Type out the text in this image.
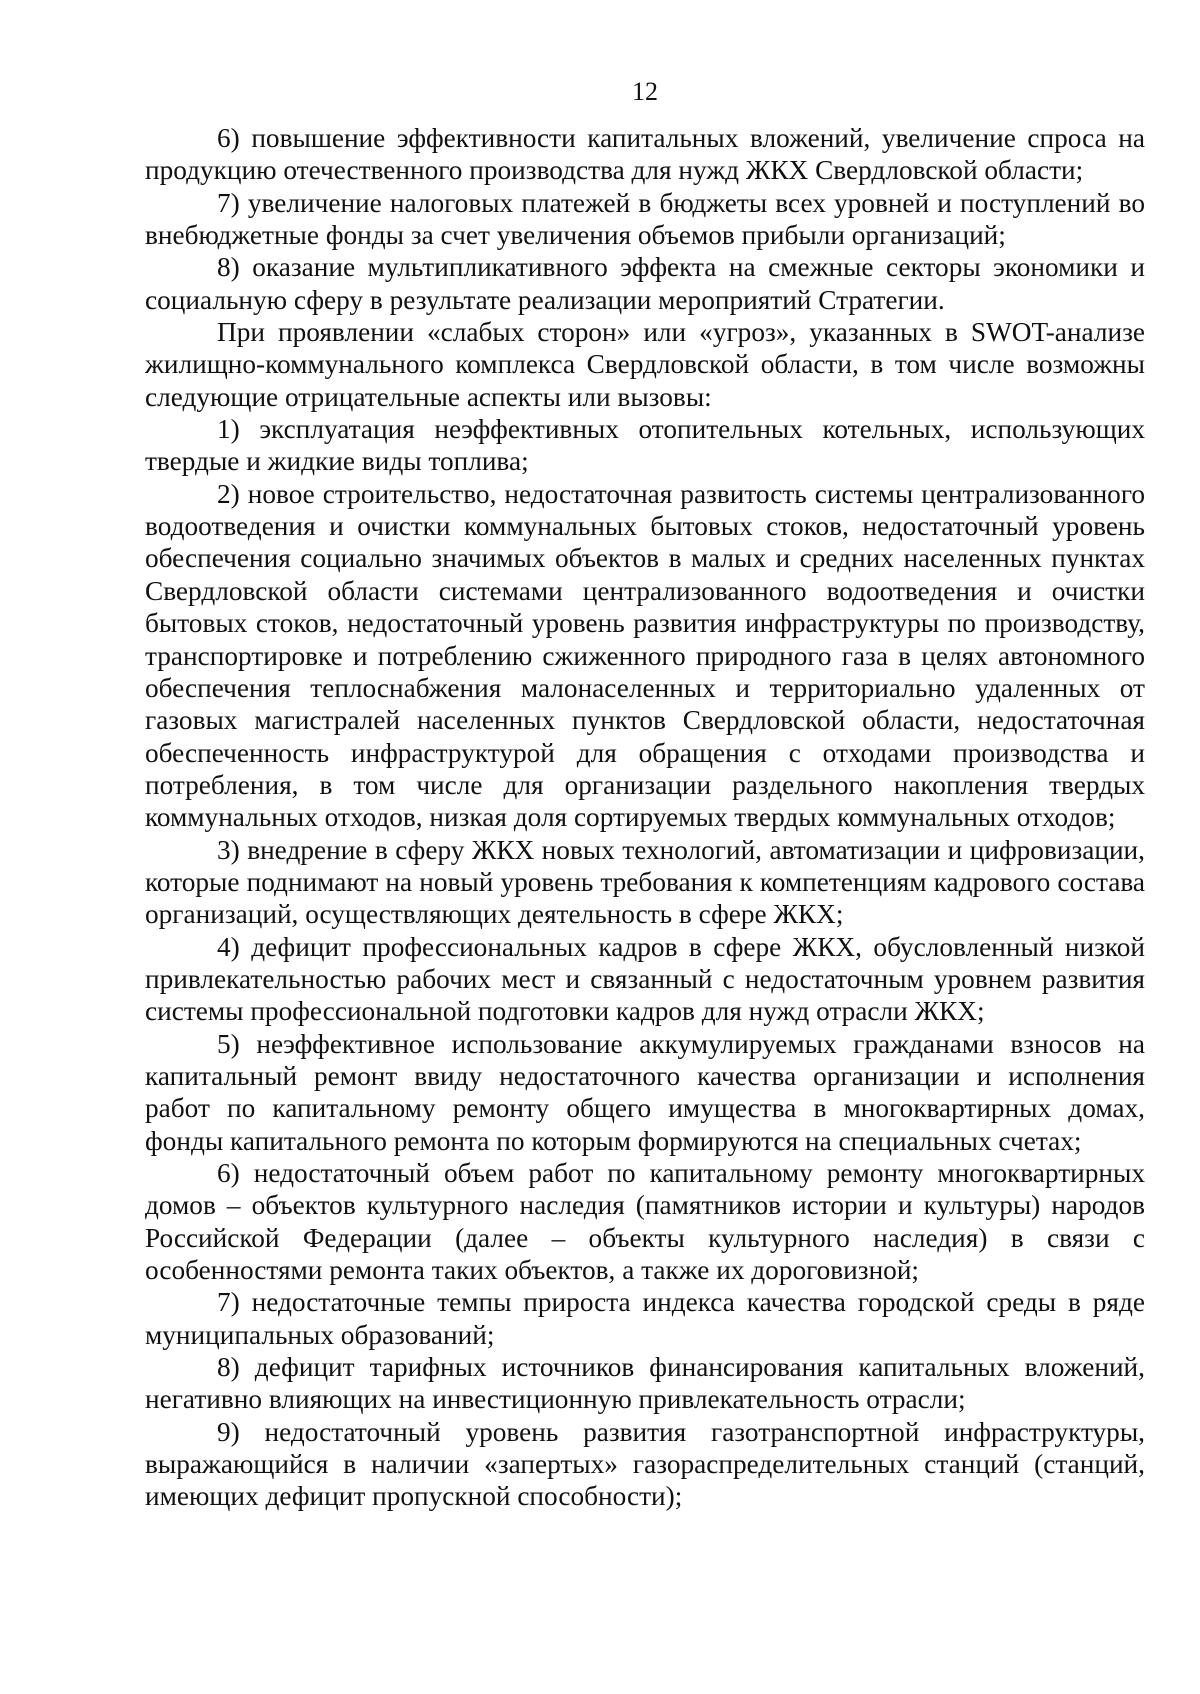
12

6) повышение эффективности капитальных вложений, увеличение спроса на продукцию отечественного производства для нужд ЖКХ Свердловской области;

7) увеличение налоговых платежей в бюджеты всех уровней и поступлений во внебюджетные фонды за счет увеличения объемов прибыли организаций;

8) оказание мультипликативного эффекта на смежные секторы экономики и социальную сферу в результате реализации мероприятий Стратегии.

При проявлении «слабых сторон» или «угроз», указанных в SWOT-анализе жилищно-коммунального комплекса Свердловской области, в том числе возможны следующие отрицательные аспекты или вызовы:

1) эксплуатация неэффективных отопительных котельных, использующих твердые и жидкие виды топлива;

2) новое строительство, недостаточная развитость системы централизованного водоотведения и очистки коммунальных бытовых стоков, недостаточный уровень обеспечения социально значимых объектов в малых и средних населенных пунктах Свердловской области системами централизованного водоотведения и очистки бытовых стоков, недостаточный уровень развития инфраструктуры по производству, транспортировке и потреблению сжиженного природного газа в целях автономного обеспечения теплоснабжения малонаселенных и территориально удаленных от газовых магистралей населенных пунктов Свердловской области, недостаточная обеспеченность инфраструктурой для обращения с отходами производства и потребления, в том числе для организации раздельного накопления твердых коммунальных отходов, низкая доля сортируемых твердых коммунальных отходов;

3) внедрение в сферу ЖКХ новых технологий, автоматизации и цифровизации, которые поднимают на новый уровень требования к компетенциям кадрового состава организаций, осуществляющих деятельность в сфере ЖКХ;

4) дефицит профессиональных кадров в сфере ЖКХ, обусловленный низкой привлекательностью рабочих мест и связанный с недостаточным уровнем развития системы профессиональной подготовки кадров для нужд отрасли ЖКХ;

5) неэффективное использование аккумулируемых гражданами взносов на капитальный ремонт ввиду недостаточного качества организации и исполнения работ по капитальному ремонту общего имущества в многоквартирных домах, фонды капитального ремонта по которым формируются на специальных счетах;

6) недостаточный объем работ по капитальному ремонту многоквартирных домов – объектов культурного наследия (памятников истории и культуры) народов Российской Федерации (далее – объекты культурного наследия) в связи с особенностями ремонта таких объектов, а также их дороговизной;

7) недостаточные темпы прироста индекса качества городской среды в ряде муниципальных образований;

8) дефицит тарифных источников финансирования капитальных вложений, негативно влияющих на инвестиционную привлекательность отрасли;

9) недостаточный уровень развития газотранспортной инфраструктуры, выражающийся в наличии «запертых» газораспределительных станций (станций, имеющих дефицит пропускной способности);
